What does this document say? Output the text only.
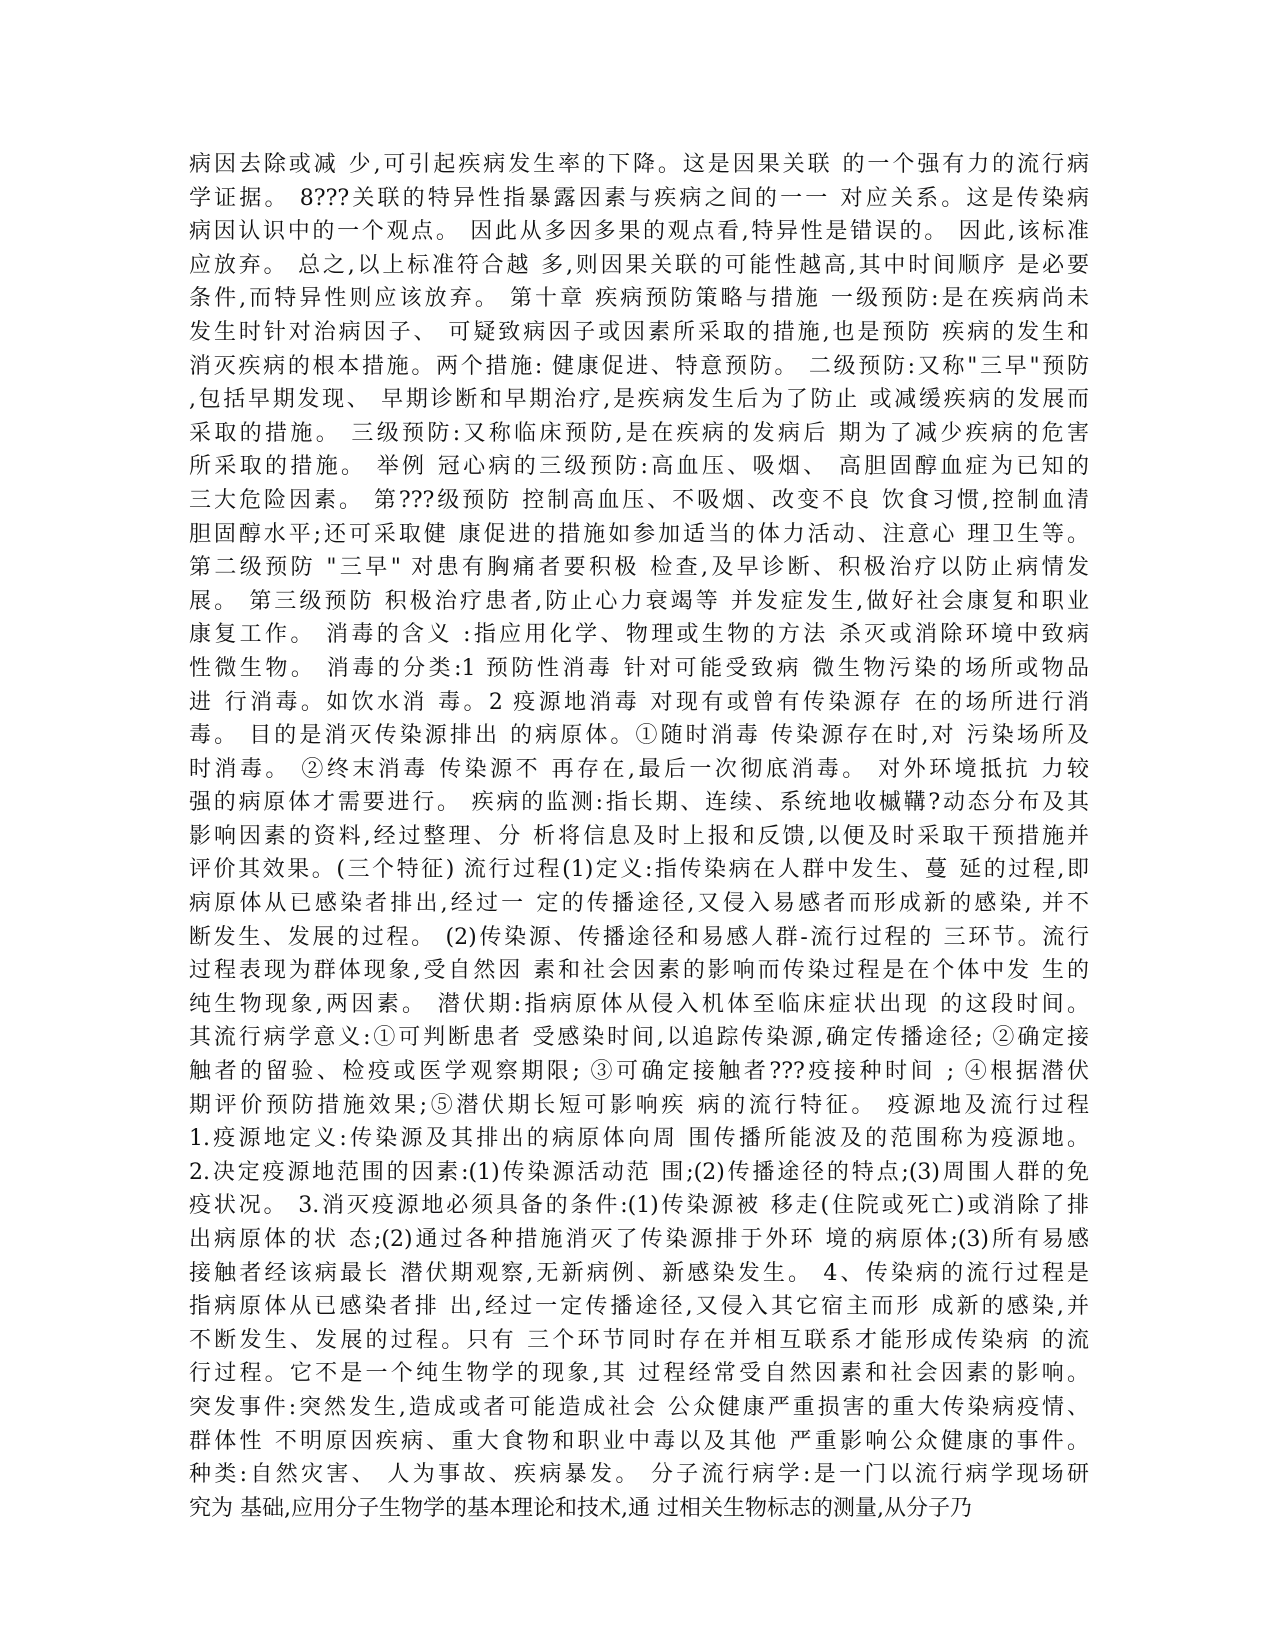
病因去除或减 少,可引起疾病发生率的下降。这是因果关联 的一个强有力的流行病
学证据。 8???关联的特异性指暴露因素与疾病之间的一一 对应关系。这是传染病
病因认识中的一个观点。 因此从多因多果的观点看,特异性是错误的。 因此,该标准
应放弃。 总之,以上标准符合越 多,则因果关联的可能性越高,其中时间顺序 是必要
条件,而特异性则应该放弃。 第十章 疾病预防策略与措施 一级预防:是在疾病尚未
发生时针对治病因子、 可疑致病因子或因素所采取的措施,也是预防 疾病的发生和
消灭疾病的根本措施。两个措施: 健康促进、特意预防。 二级预防:又称"三早"预防
,包括早期发现、 早期诊断和早期治疗,是疾病发生后为了防止 或减缓疾病的发展而
采取的措施。 三级预防:又称临床预防,是在疾病的发病后 期为了减少疾病的危害
所采取的措施。 举例 冠心病的三级预防:高血压、吸烟、 高胆固醇血症为已知的
三大危险因素。 第???级预防 控制高血压、不吸烟、改变不良 饮食习惯,控制血清
胆固醇水平;还可采取健 康促进的措施如参加适当的体力活动、注意心 理卫生等。
第二级预防 "三早" 对患有胸痛者要积极 检查,及早诊断、积极治疗以防止病情发
展。 第三级预防 积极治疗患者,防止心力衰竭等 并发症发生,做好社会康复和职业
康复工作。 消毒的含义 :指应用化学、物理或生物的方法 杀灭或消除环境中致病
性微生物。 消毒的分类:1 预防性消毒 针对可能受致病 微生物污染的场所或物品
进 行消毒。如饮水消 毒。2 疫源地消毒 对现有或曾有传染源存 在的场所进行消
毒。 目的是消灭传染源排出 的病原体。①随时消毒 传染源存在时,对 污染场所及
时消毒。 ②终末消毒 传染源不 再存在,最后一次彻底消毒。 对外环境抵抗 力较
强的病原体才需要进行。 疾病的监测:指长期、连续、系统地收槭鞲?动态分布及其
影响因素的资料,经过整理、分 析将信息及时上报和反馈,以便及时采取干预措施并
评价其效果。(三个特征) 流行过程(1)定义:指传染病在人群中发生、蔓 延的过程,即
病原体从已感染者排出,经过一 定的传播途径,又侵入易感者而形成新的感染, 并不
断发生、发展的过程。 (2)传染源、传播途径和易感人群-流行过程的 三环节。流行
过程表现为群体现象,受自然因 素和社会因素的影响而传染过程是在个体中发 生的
纯生物现象,两因素。 潜伏期:指病原体从侵入机体至临床症状出现 的这段时间。
其流行病学意义:①可判断患者 受感染时间,以追踪传染源,确定传播途径; ②确定接
触者的留验、检疫或医学观察期限; ③可确定接触者???疫接种时间 ; ④根据潜伏
期评价预防措施效果;⑤潜伏期长短可影响疾 病的流行特征。 疫源地及流行过程
1.疫源地定义:传染源及其排出的病原体向周 围传播所能波及的范围称为疫源地。
2.决定疫源地范围的因素:(1)传染源活动范 围;(2)传播途径的特点;(3)周围人群的免
疫状况。 3.消灭疫源地必须具备的条件:(1)传染源被 移走(住院或死亡)或消除了排
出病原体的状 态;(2)通过各种措施消灭了传染源排于外环 境的病原体;(3)所有易感
接触者经该病最长 潜伏期观察,无新病例、新感染发生。 4、传染病的流行过程是
指病原体从已感染者排 出,经过一定传播途径,又侵入其它宿主而形 成新的感染,并
不断发生、发展的过程。只有 三个环节同时存在并相互联系才能形成传染病 的流
行过程。它不是一个纯生物学的现象,其 过程经常受自然因素和社会因素的影响。
突发事件:突然发生,造成或者可能造成社会 公众健康严重损害的重大传染病疫情、
群体性 不明原因疾病、重大食物和职业中毒以及其他 严重影响公众健康的事件。
种类:自然灾害、 人为事故、疾病暴发。 分子流行病学:是一门以流行病学现场研
究为 基础,应用分子生物学的基本理论和技术,通 过相关生物标志的测量,从分子乃
